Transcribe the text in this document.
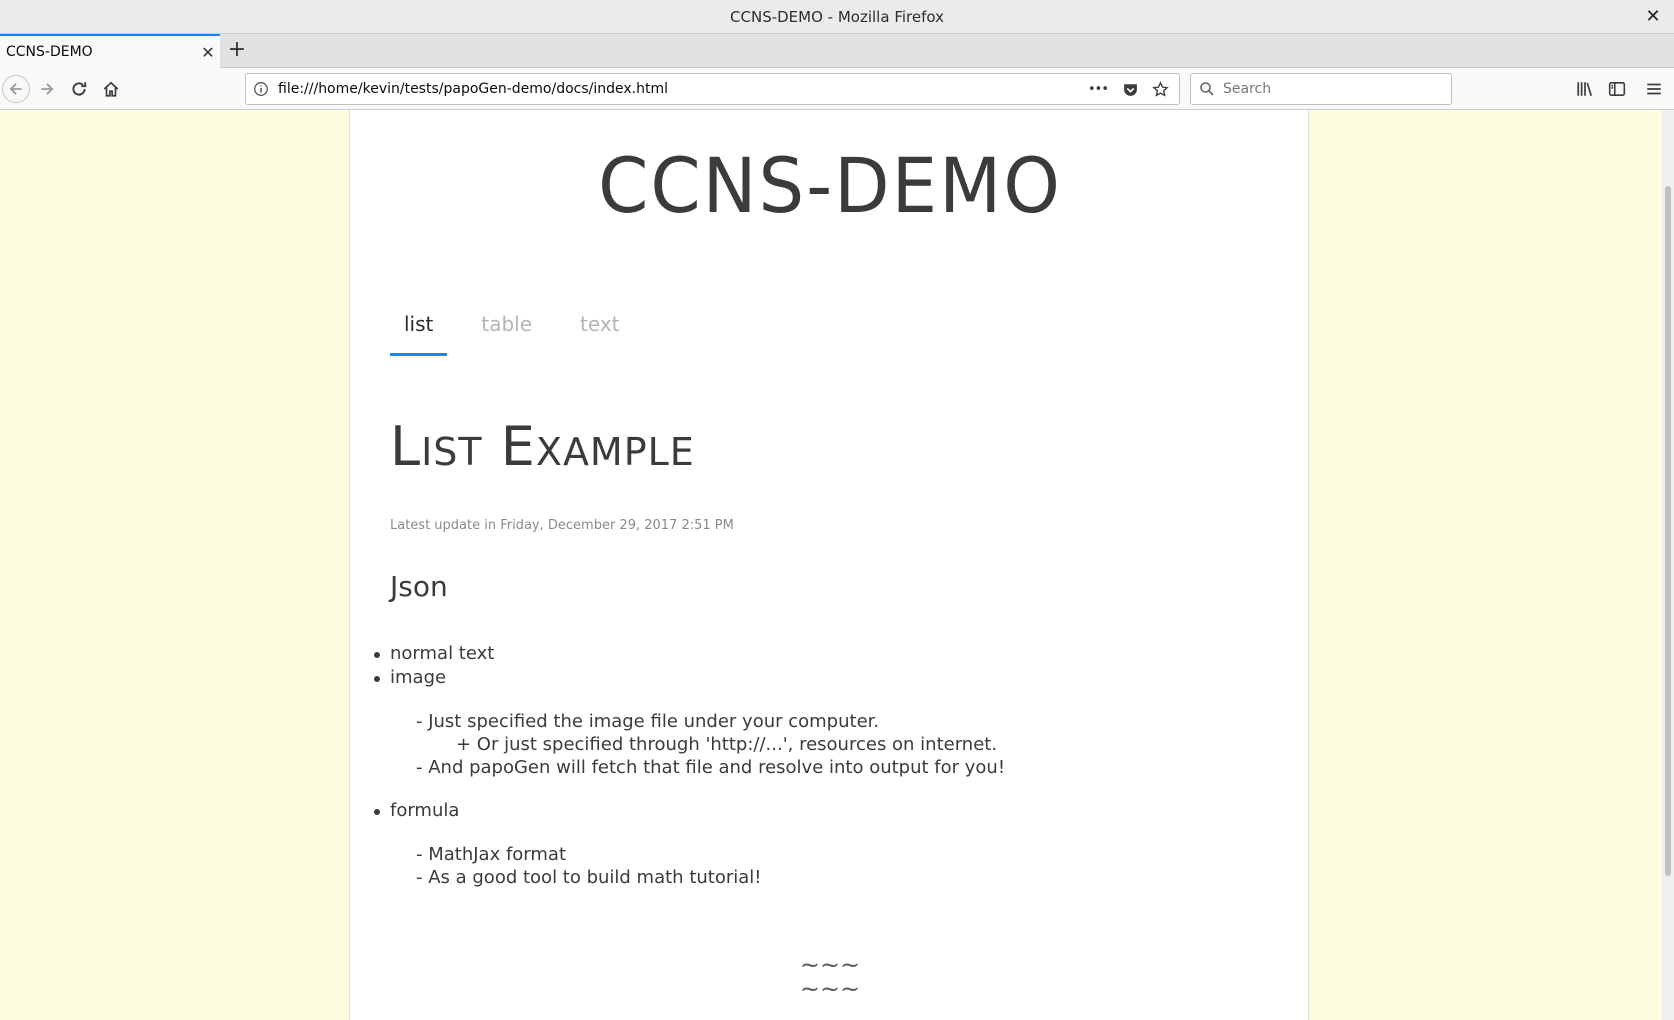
CCNS-DEMO - Mozilla Firefox	✕
CCNS-DEMO	✕ +
file:///home/kevin/tests/papoGen-demo/docs/index.html	•••
Search
CCNS-DEMO
list	table	text
List Example
Latest update in Friday, December 29, 2017 2:51 PM
Json
normal text
image
- Just specified the image file under your computer.
+ Or just specified through 'http://...', resources on internet.
- And papoGen will fetch that file and resolve into output for you!
formula
- MathJax format
- As a good tool to build math tutorial!
~~~
~~~
